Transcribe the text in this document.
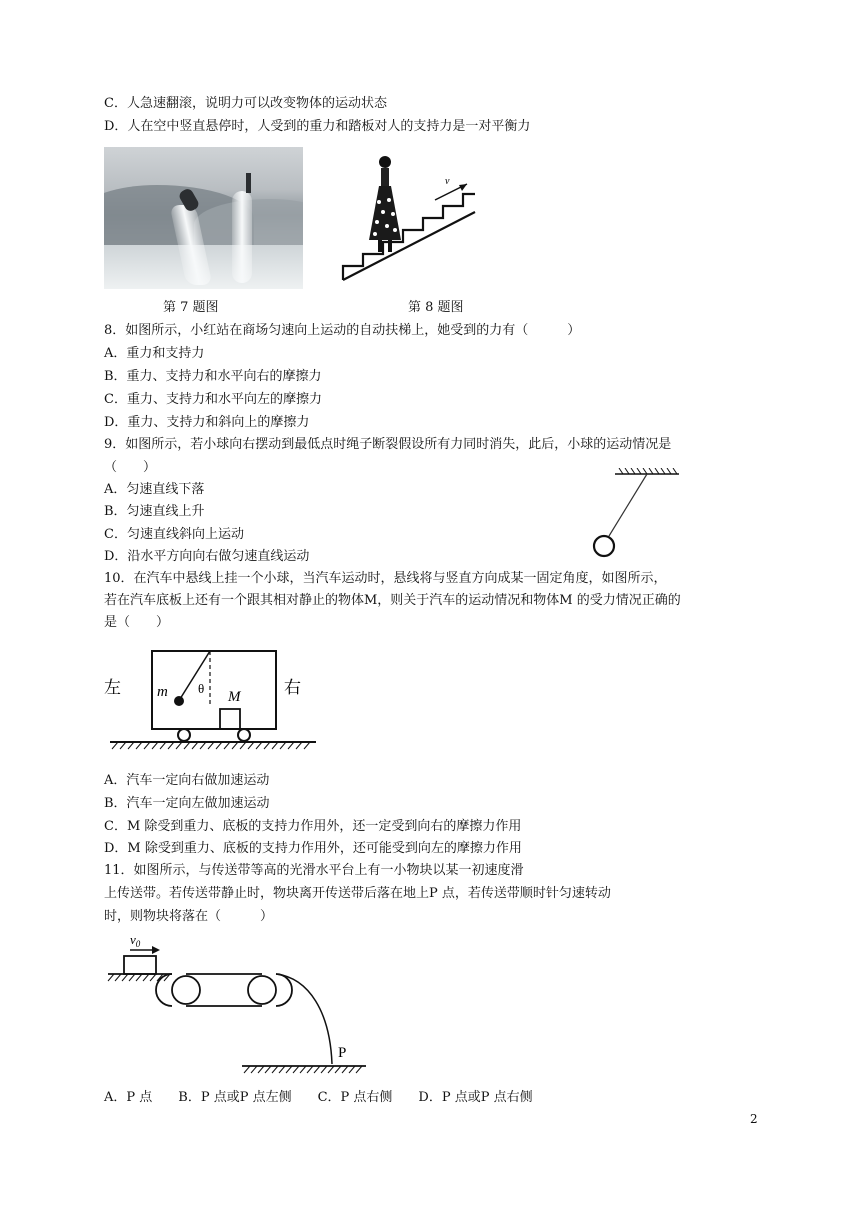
C．人急速翻滚，说明力可以改变物体的运动状态
D．人在空中竖直悬停时，人受到的重力和踏板对人的支持力是一对平衡力
v
第 7 题图	第 8 题图
8．如图所示，小红站在商场匀速向上运动的自动扶梯上，她受到的力有（　　　）
A．重力和支持力
B．重力、支持力和水平向右的摩擦力
C．重力、支持力和水平向左的摩擦力
D．重力、支持力和斜向上的摩擦力
9．如图所示，若小球向右摆动到最低点时绳子断裂假设所有力同时消失，此后，小球的运动情况是
（　　）
A．匀速直线下落
B．匀速直线上升
C．匀速直线斜向上运动
D．沿水平方向向右做匀速直线运动
10．在汽车中悬线上挂一个小球，当汽车运动时，悬线将与竖直方向成某一固定角度，如图所示，
若在汽车底板上还有一个跟其相对静止的物体M，则关于汽车的运动情况和物体M 的受力情况正确的
是（　　）
左	右
m θ
M
A．汽车一定向右做加速运动
B．汽车一定向左做加速运动
C．M 除受到重力、底板的支持力作用外，还一定受到向右的摩擦力作用
D．M 除受到重力、底板的支持力作用外，还可能受到向左的摩擦力作用
11．如图所示，与传送带等高的光滑水平台上有一小物块以某一初速度滑
上传送带。若传送带静止时，物块离开传送带后落在地上P 点，若传送带顺时针匀速转动
时，则物块将落在（　　　）
$v_0$
P
A．P 点　　B．P 点或P 点左侧　　C．P 点右侧　　D．P 点或P 点右侧
2
